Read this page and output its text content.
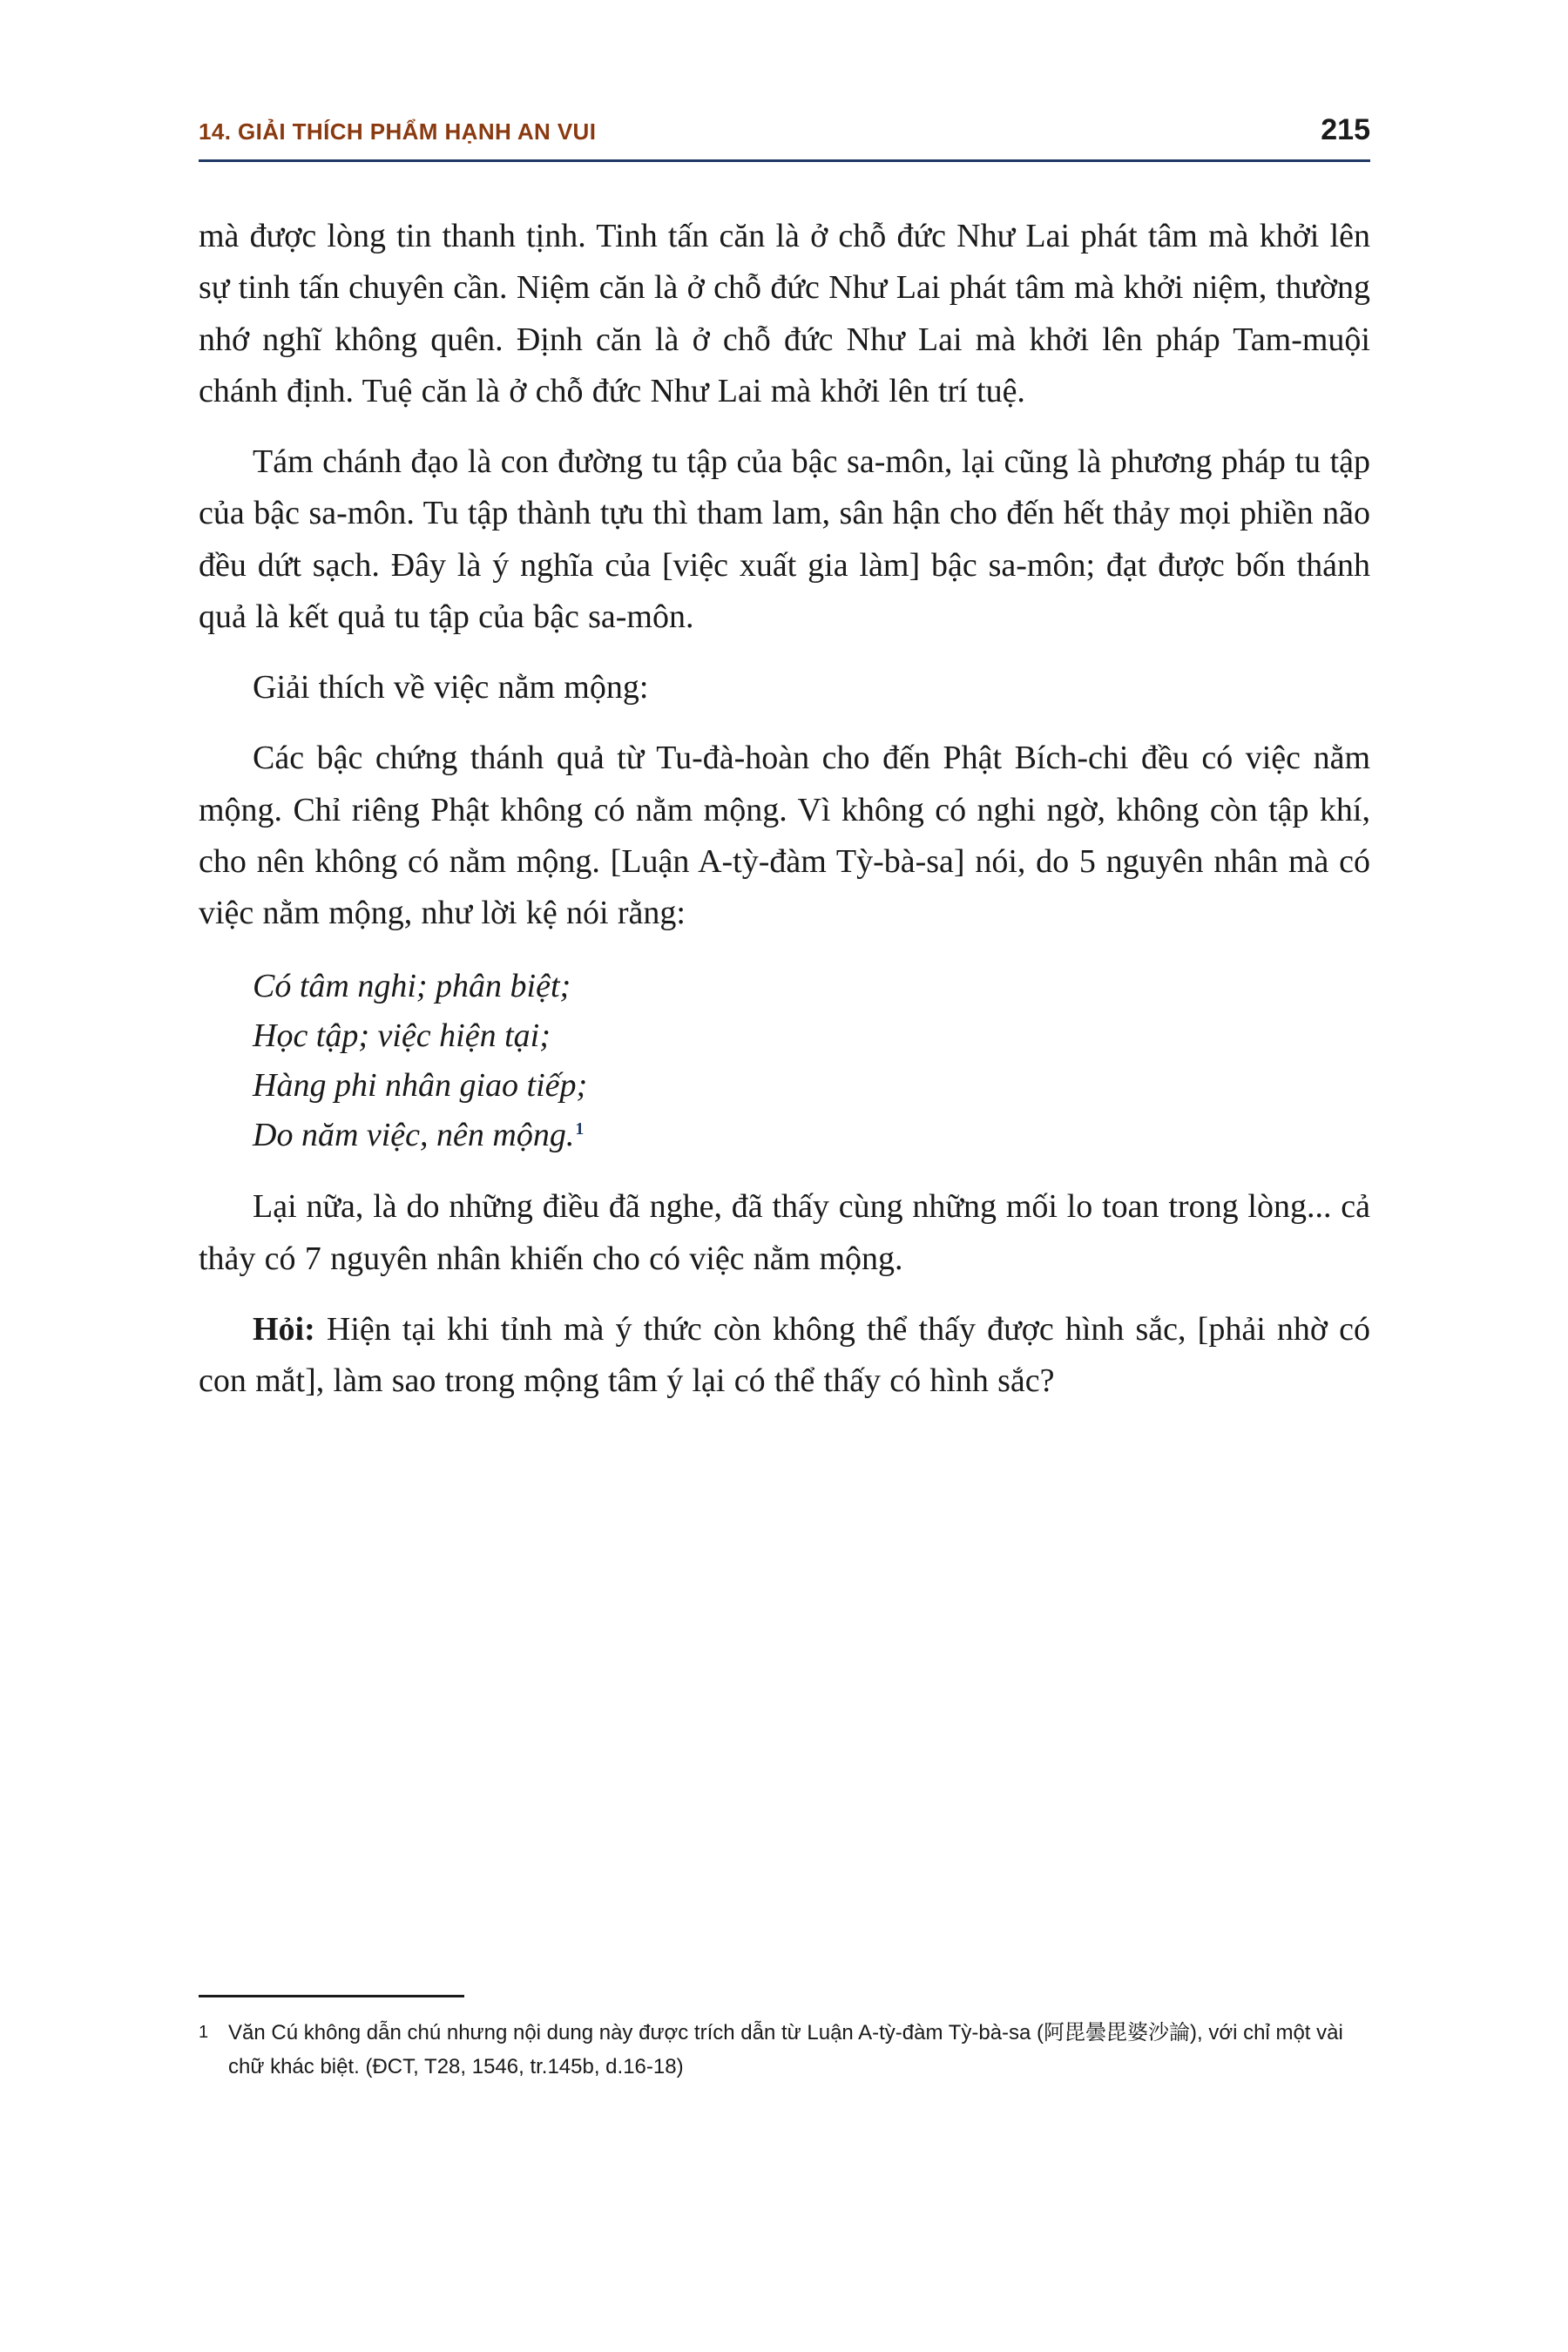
14. GIẢI THÍCH PHẨM HẠNH AN VUI	215

mà được lòng tin thanh tịnh. Tinh tấn căn là ở chỗ đức Như Lai phát tâm mà khởi lên sự tinh tấn chuyên cần. Niệm căn là ở chỗ đức Như Lai phát tâm mà khởi niệm, thường nhớ nghĩ không quên. Định căn là ở chỗ đức Như Lai mà khởi lên pháp Tam-muội chánh định. Tuệ căn là ở chỗ đức Như Lai mà khởi lên trí tuệ.

Tám chánh đạo là con đường tu tập của bậc sa-môn, lại cũng là phương pháp tu tập của bậc sa-môn. Tu tập thành tựu thì tham lam, sân hận cho đến hết thảy mọi phiền não đều dứt sạch. Đây là ý nghĩa của [việc xuất gia làm] bậc sa-môn; đạt được bốn thánh quả là kết quả tu tập của bậc sa-môn.

Giải thích về việc nằm mộng:

Các bậc chứng thánh quả từ Tu-đà-hoàn cho đến Phật Bích-chi đều có việc nằm mộng. Chỉ riêng Phật không có nằm mộng. Vì không có nghi ngờ, không còn tập khí, cho nên không có nằm mộng. [Luận A-tỳ-đàm Tỳ-bà-sa] nói, do 5 nguyên nhân mà có việc nằm mộng, như lời kệ nói rằng:

Có tâm nghi; phân biệt;
Học tập; việc hiện tại;
Hàng phi nhân giao tiếp;
Do năm việc, nên mộng.$^1$

Lại nữa, là do những điều đã nghe, đã thấy cùng những mối lo toan trong lòng... cả thảy có 7 nguyên nhân khiến cho có việc nằm mộng.

Hỏi: Hiện tại khi tỉnh mà ý thức còn không thể thấy được hình sắc, [phải nhờ có con mắt], làm sao trong mộng tâm ý lại có thể thấy có hình sắc?

1 Văn Cú không dẫn chú nhưng nội dung này được trích dẫn từ Luận A-tỳ-đàm Tỳ-bà-sa (阿毘曇毘婆沙論), với chỉ một vài chữ khác biệt. (ĐCT, T28, 1546, tr.145b, d.16-18)
